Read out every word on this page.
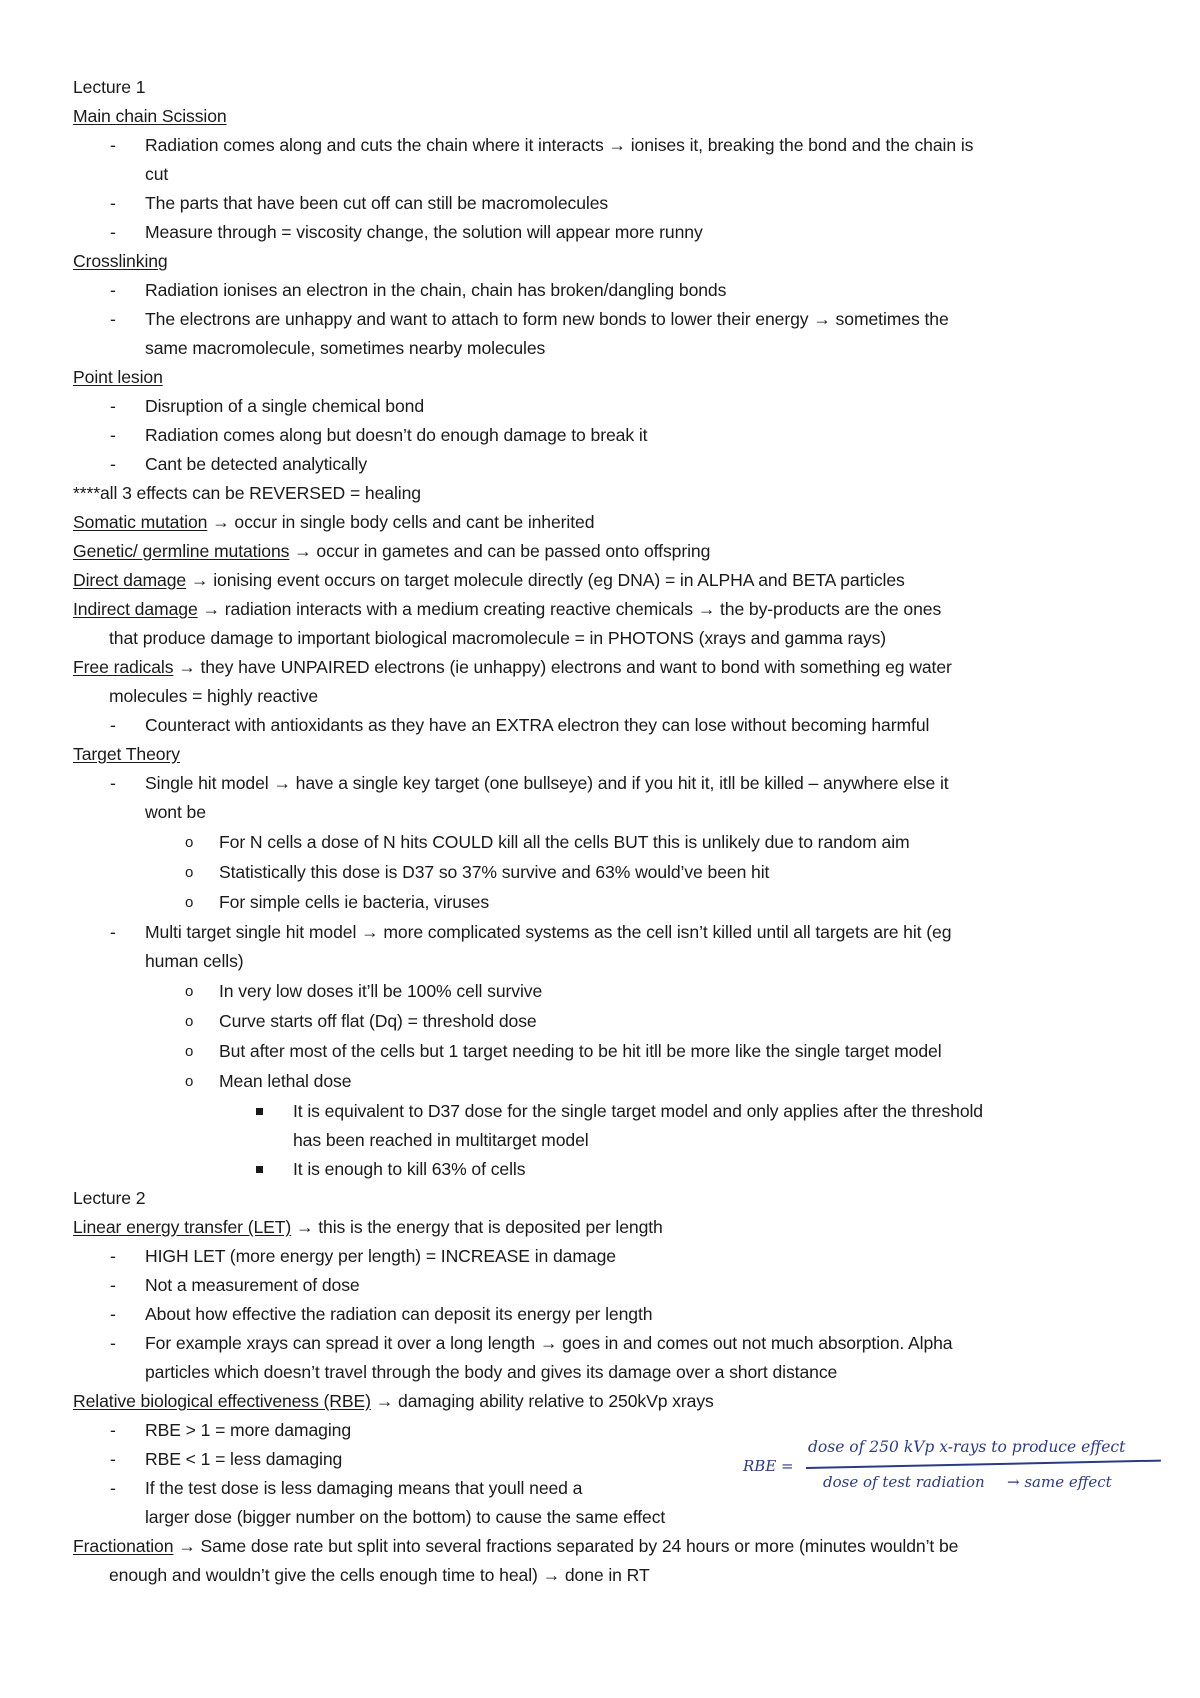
Lecture 1
Main chain Scission
- Radiation comes along and cuts the chain where it interacts → ionises it, breaking the bond and the chain is
cut
- The parts that have been cut off can still be macromolecules
- Measure through = viscosity change, the solution will appear more runny
Crosslinking
- Radiation ionises an electron in the chain, chain has broken/dangling bonds
- The electrons are unhappy and want to attach to form new bonds to lower their energy → sometimes the
same macromolecule, sometimes nearby molecules
Point lesion
- Disruption of a single chemical bond
- Radiation comes along but doesn’t do enough damage to break it
- Cant be detected analytically
****all 3 effects can be REVERSED = healing
Somatic mutation → occur in single body cells and cant be inherited
Genetic/ germline mutations → occur in gametes and can be passed onto offspring
Direct damage → ionising event occurs on target molecule directly (eg DNA) = in ALPHA and BETA particles
Indirect damage → radiation interacts with a medium creating reactive chemicals → the by-products are the ones
that produce damage to important biological macromolecule = in PHOTONS (xrays and gamma rays)
Free radicals → they have UNPAIRED electrons (ie unhappy) electrons and want to bond with something eg water
molecules = highly reactive
- Counteract with antioxidants as they have an EXTRA electron they can lose without becoming harmful
Target Theory
- Single hit model → have a single key target (one bullseye) and if you hit it, itll be killed – anywhere else it
wont be
o For N cells a dose of N hits COULD kill all the cells BUT this is unlikely due to random aim
o Statistically this dose is D37 so 37% survive and 63% would’ve been hit
o For simple cells ie bacteria, viruses
- Multi target single hit model → more complicated systems as the cell isn’t killed until all targets are hit (eg
human cells)
o In very low doses it’ll be 100% cell survive
o Curve starts off flat (Dq) = threshold dose
o But after most of the cells but 1 target needing to be hit itll be more like the single target model
o Mean lethal dose
It is equivalent to D37 dose for the single target model and only applies after the threshold
has been reached in multitarget model
It is enough to kill 63% of cells
Lecture 2
Linear energy transfer (LET) → this is the energy that is deposited per length
- HIGH LET (more energy per length) = INCREASE in damage
- Not a measurement of dose
- About how effective the radiation can deposit its energy per length
- For example xrays can spread it over a long length → goes in and comes out not much absorption. Alpha
particles which doesn’t travel through the body and gives its damage over a short distance
Relative biological effectiveness (RBE) → damaging ability relative to 250kVp xrays
- RBE > 1 = more damaging
- RBE < 1 = less damaging
- If the test dose is less damaging means that youll need a
larger dose (bigger number on the bottom) to cause the same effect
Fractionation → Same dose rate but split into several fractions separated by 24 hours or more (minutes wouldn’t be
enough and wouldn’t give the cells enough time to heal) → done in RT
RBE =
dose of 250 kVp x-rays to produce effect
dose of test radiation → same effect
